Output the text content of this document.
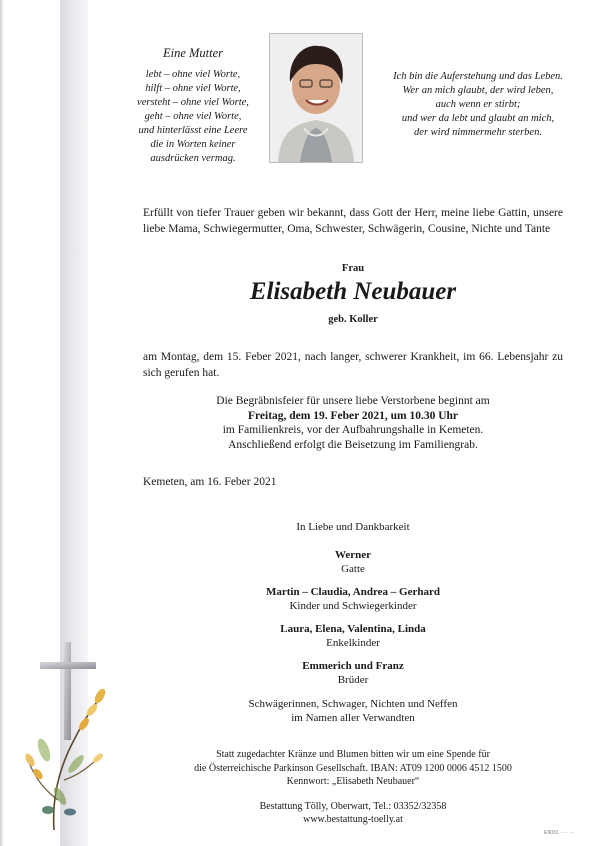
Eine Mutter
lebt – ohne viel Worte,
hilft – ohne viel Worte,
versteht – ohne viel Worte,
geht – ohne viel Worte,
und hinterlässt eine Leere
die in Worten keiner
ausdrücken vermag.
Ich bin die Auferstehung und das Leben.
Wer an mich glaubt, der wird leben,
auch wenn er stirbt;
und wer da lebt und glaubt an mich,
der wird nimmermehr sterben.
Erfüllt von tiefer Trauer geben wir bekannt, dass Gott der Herr, meine liebe Gattin, unsere liebe Mama, Schwiegermutter, Oma, Schwester, Schwägerin, Cousine, Nichte und Tante
Frau
Elisabeth Neubauer
geb. Koller
am Montag, dem 15. Feber 2021, nach langer, schwerer Krankheit, im 66. Lebensjahr zu sich gerufen hat.
Die Begräbnisfeier für unsere liebe Verstorbene beginnt am
Freitag, dem 19. Feber 2021, um 10.30 Uhr
im Familienkreis, vor der Aufbahrungshalle in Kemeten.
Anschließend erfolgt die Beisetzung im Familiengrab.
Kemeten, am 16. Feber 2021
In Liebe und Dankbarkeit
Werner
Gatte
Martin – Claudia, Andrea – Gerhard
Kinder und Schwiegerkinder
Laura, Elena, Valentina, Linda
Enkelkinder
Emmerich und Franz
Brüder
Schwägerinnen, Schwager, Nichten und Neffen
im Namen aller Verwandten
Statt zugedachter Kränze und Blumen bitten wir um eine Spende für
die Österreichische Parkinson Gesellschaft. IBAN: AT09 1200 0006 4512 1500
Kennwort: „Elisabeth Neubauer“
Bestattung Tölly, Oberwart, Tel.: 03352/32358
www.bestattung-toelly.at
E9031 · ··· ···
